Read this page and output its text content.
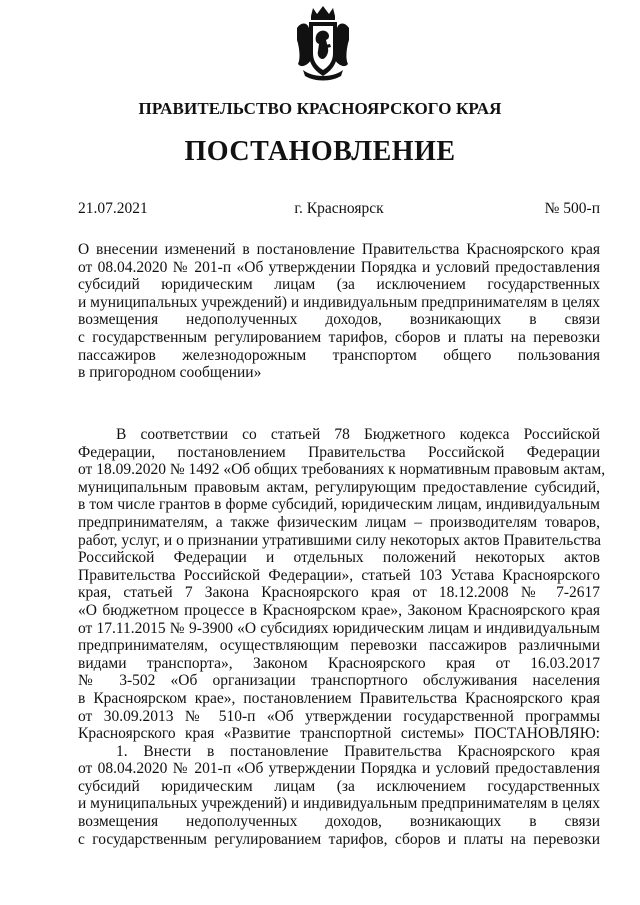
ПРАВИТЕЛЬСТВО КРАСНОЯРСКОГО КРАЯ
ПОСТАНОВЛЕНИЕ
21.07.2021	г. Красноярск	№ 500-п
О внесении изменений в постановление Правительства Красноярского края
от 08.04.2020 № 201-п «Об утверждении Порядка и условий предоставления
субсидий юридическим лицам (за исключением государственных
и муниципальных учреждений) и индивидуальным предпринимателям в целях
возмещения недополученных доходов, возникающих в связи
с государственным регулированием тарифов, сборов и платы на перевозки
пассажиров железнодорожным транспортом общего пользования
в пригородном сообщении»
В соответствии со статьей 78 Бюджетного кодекса Российской
Федерации, постановлением Правительства Российской Федерации
от 18.09.2020 № 1492 «Об общих требованиях к нормативным правовым актам,
муниципальным правовым актам, регулирующим предоставление субсидий,
в том числе грантов в форме субсидий, юридическим лицам, индивидуальным
предпринимателям, а также физическим лицам – производителям товаров,
работ, услуг, и о признании утратившими силу некоторых актов Правительства
Российской Федерации и отдельных положений некоторых актов
Правительства Российской Федерации», статьей 103 Устава Красноярского
края, статьей 7 Закона Красноярского края от 18.12.2008 № 7-2617
«О бюджетном процессе в Красноярском крае», Законом Красноярского края
от 17.11.2015 № 9-3900 «О субсидиях юридическим лицам и индивидуальным
предпринимателям, осуществляющим перевозки пассажиров различными
видами транспорта», Законом Красноярского края от 16.03.2017
№ 3-502 «Об организации транспортного обслуживания населения
в Красноярском крае», постановлением Правительства Красноярского края
от 30.09.2013 № 510-п «Об утверждении государственной программы
Красноярского края «Развитие транспортной системы» ПОСТАНОВЛЯЮ:
1. Внести в постановление Правительства Красноярского края
от 08.04.2020 № 201-п «Об утверждении Порядка и условий предоставления
субсидий юридическим лицам (за исключением государственных
и муниципальных учреждений) и индивидуальным предпринимателям в целях
возмещения недополученных доходов, возникающих в связи
с государственным регулированием тарифов, сборов и платы на перевозки
